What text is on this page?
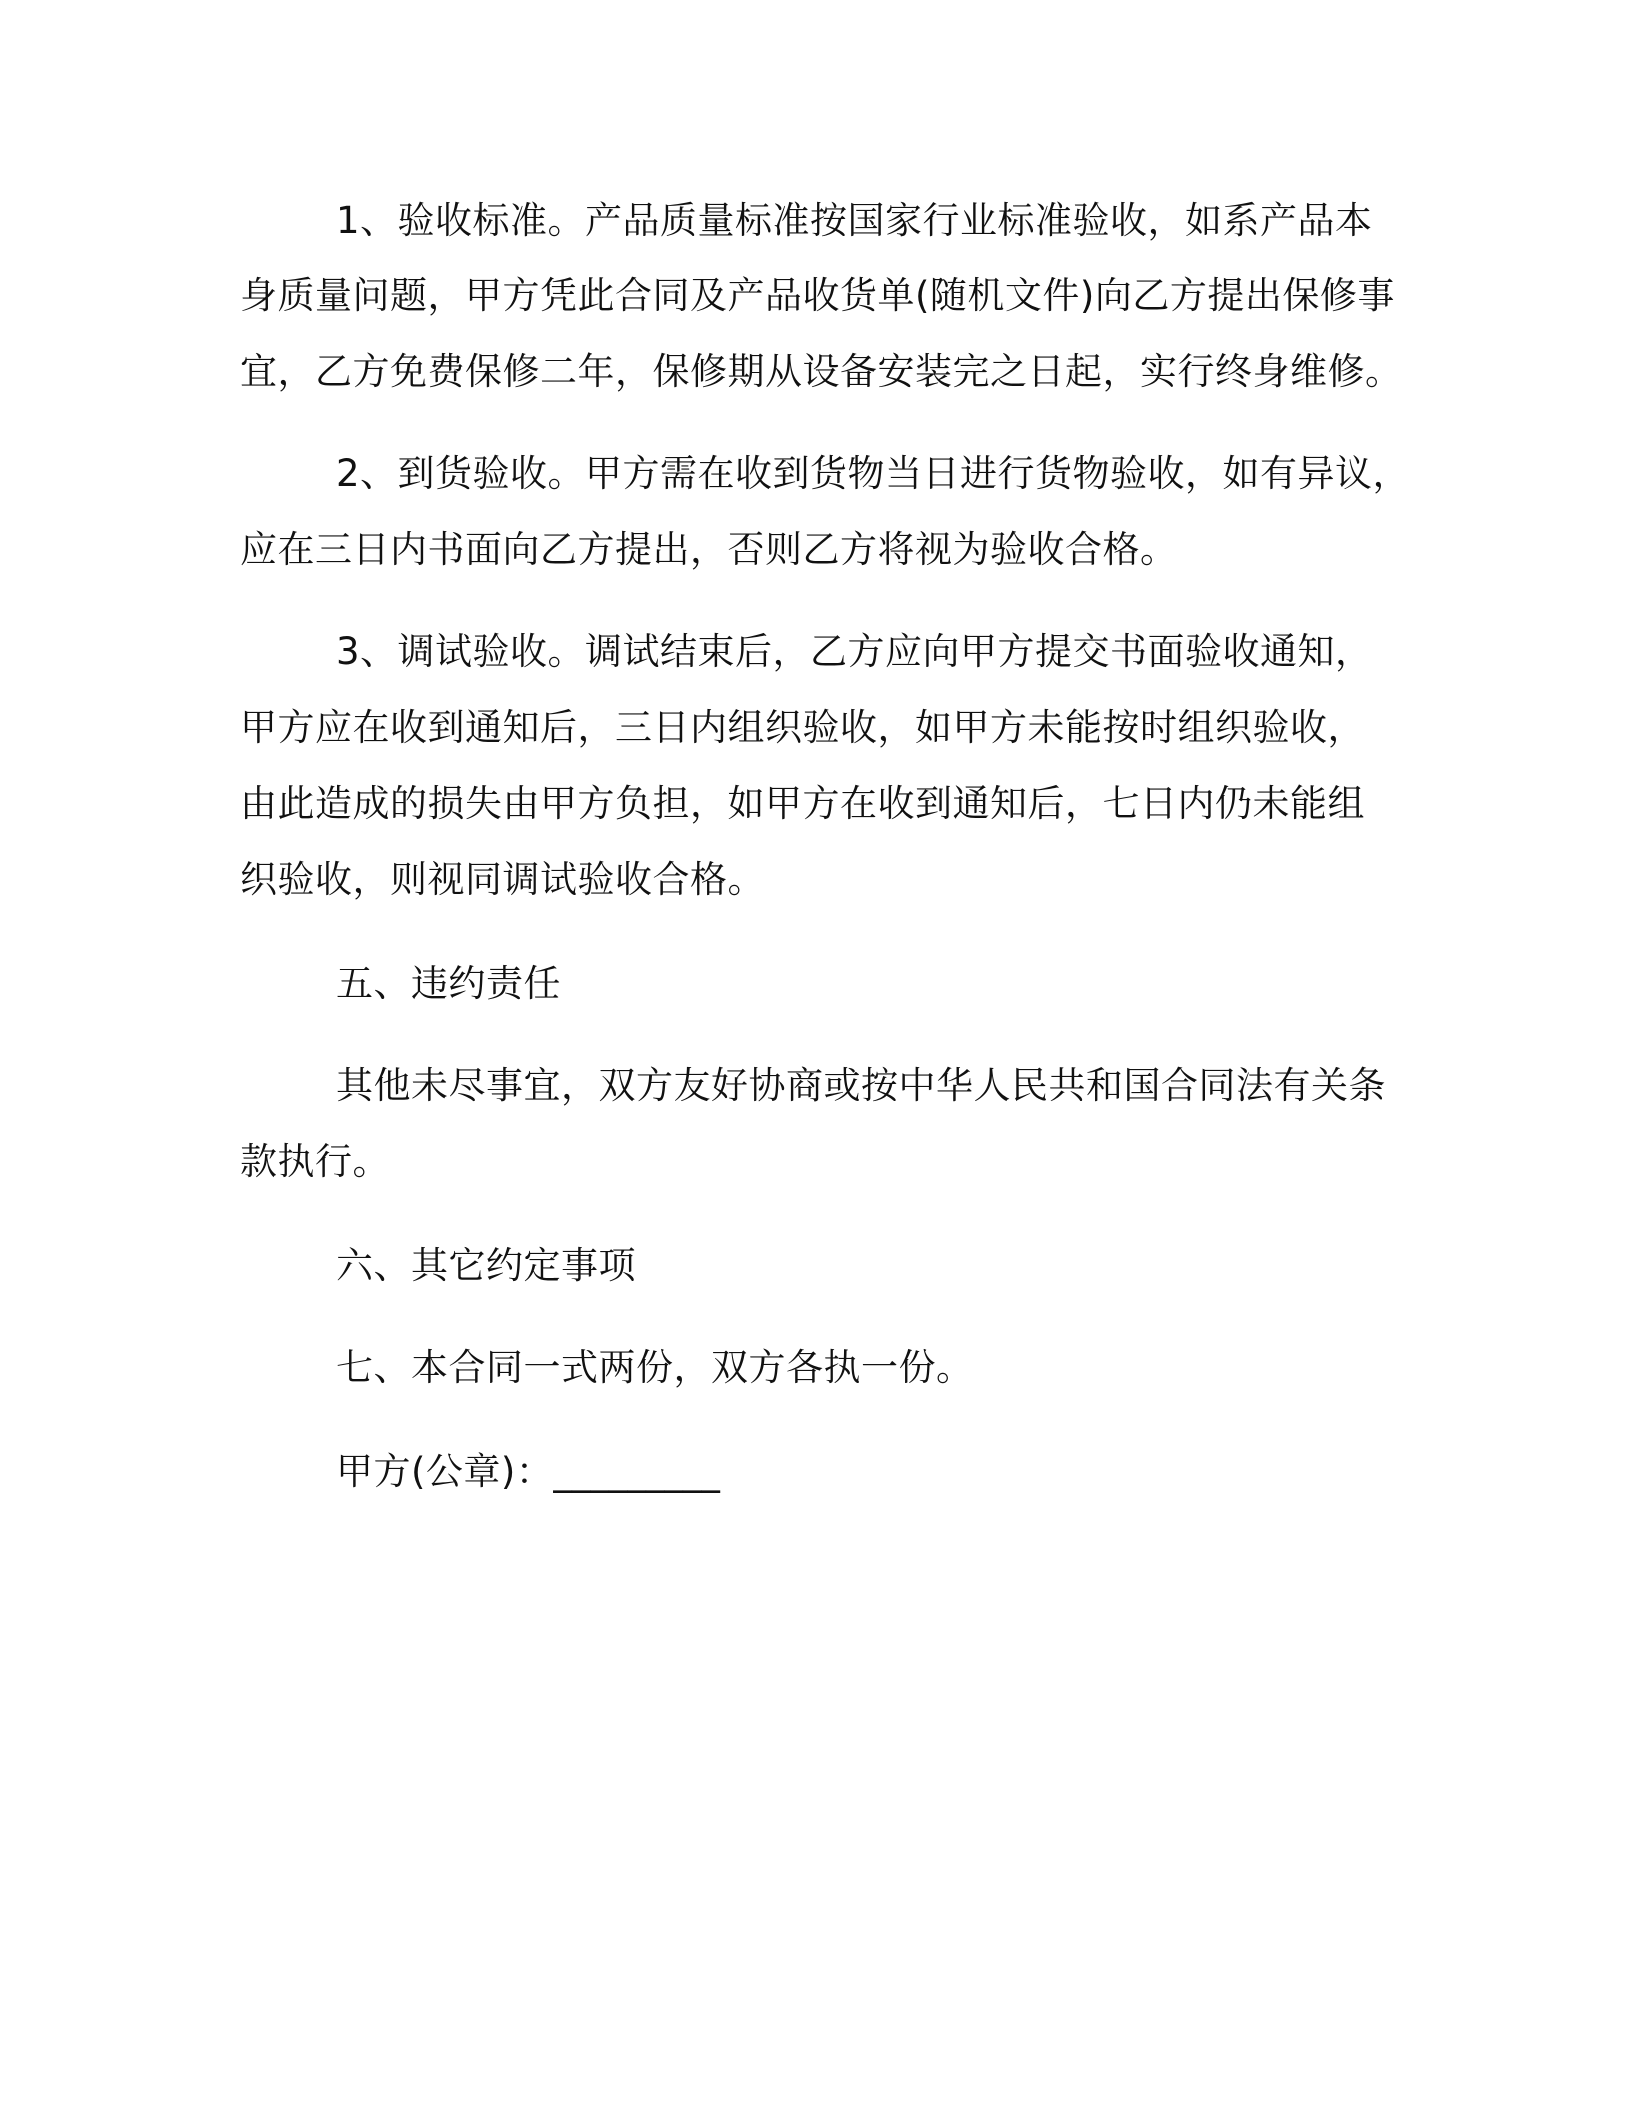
1、验收标准。产品质量标准按国家行业标准验收，如系产品本
身质量问题，甲方凭此合同及产品收货单(随机文件)向乙方提出保修事
宜，乙方免费保修二年，保修期从设备安装完之日起，实行终身维修。
2、到货验收。甲方需在收到货物当日进行货物验收，如有异议，
应在三日内书面向乙方提出，否则乙方将视为验收合格。
3、调试验收。调试结束后，乙方应向甲方提交书面验收通知，
甲方应在收到通知后，三日内组织验收，如甲方未能按时组织验收，
由此造成的损失由甲方负担，如甲方在收到通知后，七日内仍未能组
织验收，则视同调试验收合格。
五、违约责任
其他未尽事宜，双方友好协商或按中华人民共和国合同法有关条
款执行。
六、其它约定事项
七、本合同一式两份，双方各执一份。
甲方(公章)：_________
